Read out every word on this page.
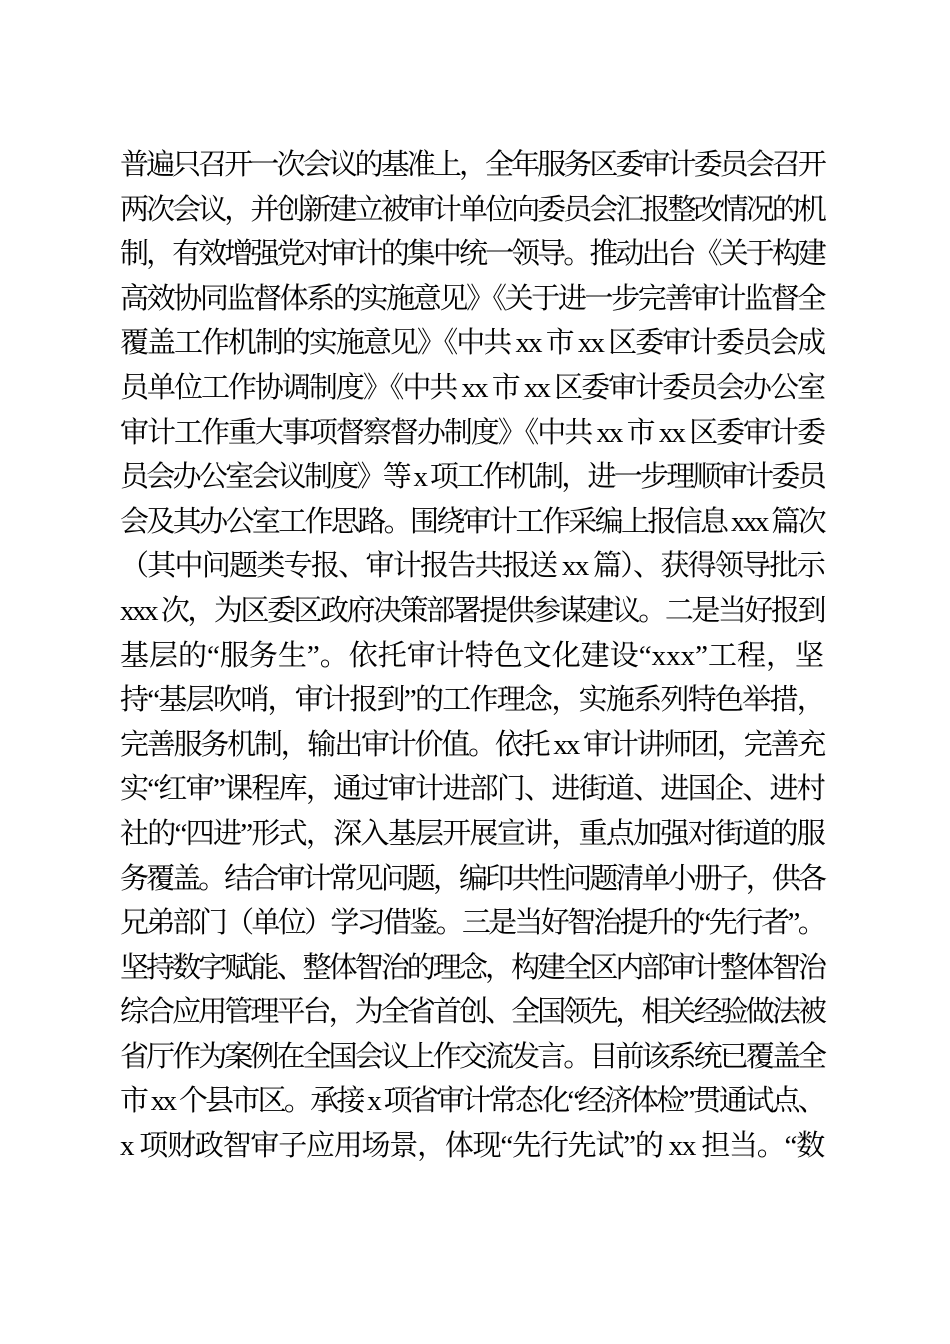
普遍只召开一次会议的基准上，全年服务区委审计委员会召开
两次会议，并创新建立被审计单位向委员会汇报整改情况的机
制，有效增强党对审计的集中统一领导。推动出台《关于构建
高效协同监督体系的实施意见》《关于进一步完善审计监督全
覆盖工作机制的实施意见》《中共 xx 市 xx 区委审计委员会成
员单位工作协调制度》《中共 xx 市 xx 区委审计委员会办公室
审计工作重大事项督察督办制度》《中共 xx 市 xx 区委审计委
员会办公室会议制度》等 x 项工作机制，进一步理顺审计委员
会及其办公室工作思路。围绕审计工作采编上报信息 xxx 篇次
（其中问题类专报、审计报告共报送 xx 篇）、获得领导批示
xxx 次，为区委区政府决策部署提供参谋建议。二是当好报到
基层的“服务生”。依托审计特色文化建设“xxx”工程，坚
持“基层吹哨，审计报到”的工作理念，实施系列特色举措，
完善服务机制，输出审计价值。依托 xx 审计讲师团，完善充
实“红审”课程库，通过审计进部门、进街道、进国企、进村
社的“四进”形式，深入基层开展宣讲，重点加强对街道的服
务覆盖。结合审计常见问题，编印共性问题清单小册子，供各
兄弟部门（单位）学习借鉴。三是当好智治提升的“先行者”。
坚持数字赋能、整体智治的理念，构建全区内部审计整体智治
综合应用管理平台，为全省首创、全国领先，相关经验做法被
省厅作为案例在全国会议上作交流发言。目前该系统已覆盖全
市 xx 个县市区。承接 x 项省审计常态化“经济体检”贯通试点、
x 项财政智审子应用场景，体现“先行先试”的 xx 担当。“数
